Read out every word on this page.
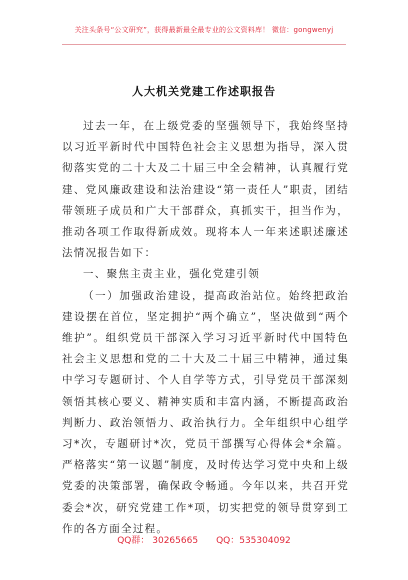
关注头条号“公文研究”，获得最新最全最专业的公文资料库！ 微信：gongwenyj
人大机关党建工作述职报告

过去一年，在上级党委的坚强领导下，我始终坚持以习近平新时代中国特色社会主义思想为指导，深入贯彻落实党的二十大及二十届三中全会精神，认真履行党建、党风廉政建设和法治建设“第一责任人”职责，团结带领班子成员和广大干部群众，真抓实干，担当作为，推动各项工作取得新成效。现将本人一年来述职述廉述法情况报告如下：

一、聚焦主责主业，强化党建引领

（一）加强政治建设，提高政治站位。始终把政治建设摆在首位，坚定拥护“两个确立”，坚决做到“两个维护”。组织党员干部深入学习习近平新时代中国特色社会主义思想和党的二十大及二十届三中精神，通过集中学习专题研讨、个人自学等方式，引导党员干部深刻领悟其核心要义、精神实质和丰富内涵，不断提高政治判断力、政治领悟力、政治执行力。全年组织中心组学习*次，专题研讨*次，党员干部撰写心得体会*余篇。严格落实“第一议题”制度，及时传达学习党中央和上级党委的决策部署，确保政令畅通。今年以来，共召开党委会*次，研究党建工作*项，切实把党的领导贯穿到工作的各方面全过程。

QQ群： 30265665 QQ：535304092
